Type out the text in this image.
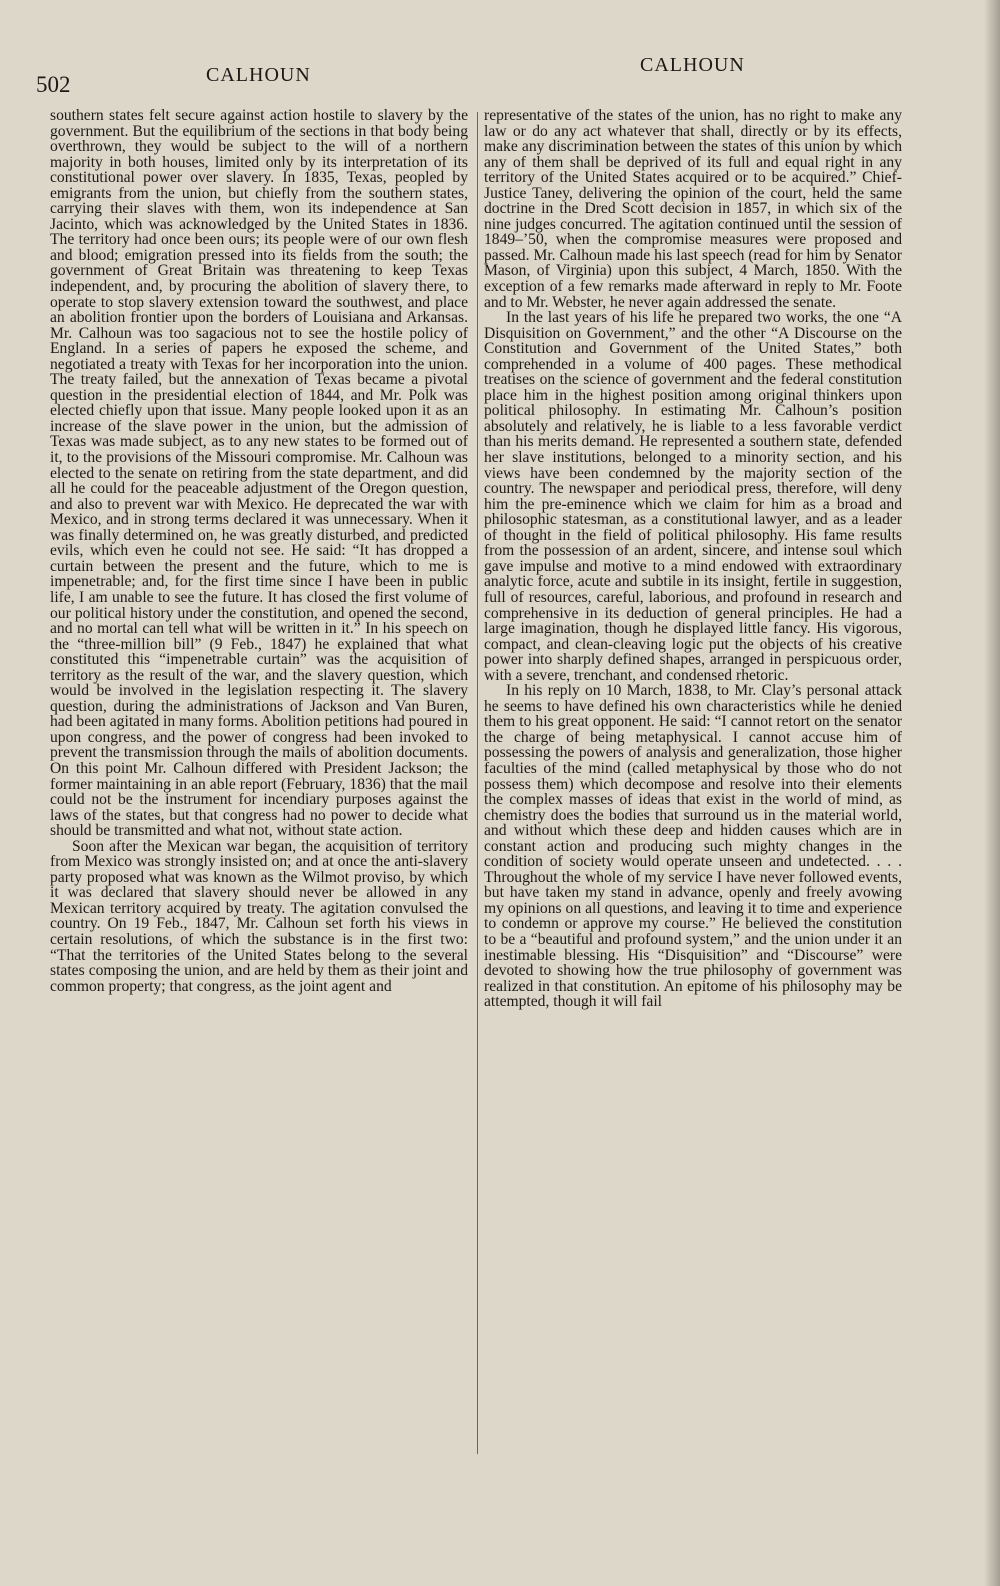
502	CALHOUN	CALHOUN

southern states felt secure against action hostile to slavery by the government. But the equilibrium of the sections in that body being overthrown, they would be subject to the will of a northern majority in both houses, limited only by its interpretation of its constitutional power over slavery. In 1835, Texas, peopled by emigrants from the union, but chiefly from the southern states, carrying their slaves with them, won its independence at San Jacinto, which was acknowledged by the United States in 1836. The territory had once been ours; its people were of our own flesh and blood; emigration pressed into its fields from the south; the government of Great Britain was threatening to keep Texas independent, and, by procuring the abolition of slavery there, to operate to stop slavery extension toward the southwest, and place an abolition frontier upon the borders of Louisiana and Arkansas. Mr. Calhoun was too sagacious not to see the hostile policy of England. In a series of papers he exposed the scheme, and negotiated a treaty with Texas for her incorporation into the union. The treaty failed, but the annexation of Texas became a pivotal question in the presidential election of 1844, and Mr. Polk was elected chiefly upon that issue. Many people looked upon it as an increase of the slave power in the union, but the admission of Texas was made subject, as to any new states to be formed out of it, to the provisions of the Missouri compromise. Mr. Calhoun was elected to the senate on retiring from the state department, and did all he could for the peaceable adjustment of the Oregon question, and also to prevent war with Mexico. He deprecated the war with Mexico, and in strong terms declared it was unnecessary. When it was finally determined on, he was greatly disturbed, and predicted evils, which even he could not see. He said: “It has dropped a curtain between the present and the future, which to me is impenetrable; and, for the first time since I have been in public life, I am unable to see the future. It has closed the first volume of our political history under the constitution, and opened the second, and no mortal can tell what will be written in it.” In his speech on the “three-million bill” (9 Feb., 1847) he explained that what constituted this “impenetrable curtain” was the acquisition of territory as the result of the war, and the slavery question, which would be involved in the legislation respecting it. The slavery question, during the administrations of Jackson and Van Buren, had been agitated in many forms. Abolition petitions had poured in upon congress, and the power of congress had been invoked to prevent the transmission through the mails of abolition documents. On this point Mr. Calhoun differed with President Jackson; the former maintaining in an able report (February, 1836) that the mail could not be the instrument for incendiary purposes against the laws of the states, but that congress had no power to decide what should be transmitted and what not, without state action.

Soon after the Mexican war began, the acquisition of territory from Mexico was strongly insisted on; and at once the anti-slavery party proposed what was known as the Wilmot proviso, by which it was declared that slavery should never be allowed in any Mexican territory acquired by treaty. The agitation convulsed the country. On 19 Feb., 1847, Mr. Calhoun set forth his views in certain resolutions, of which the substance is in the first two: “That the territories of the United States belong to the several states composing the union, and are held by them as their joint and common property; that congress, as the joint agent and

representative of the states of the union, has no right to make any law or do any act whatever that shall, directly or by its effects, make any discrimination between the states of this union by which any of them shall be deprived of its full and equal right in any territory of the United States acquired or to be acquired.” Chief-Justice Taney, delivering the opinion of the court, held the same doctrine in the Dred Scott decision in 1857, in which six of the nine judges concurred. The agitation continued until the session of 1849–’50, when the compromise measures were proposed and passed. Mr. Calhoun made his last speech (read for him by Senator Mason, of Virginia) upon this subject, 4 March, 1850. With the exception of a few remarks made afterward in reply to Mr. Foote and to Mr. Webster, he never again addressed the senate.

In the last years of his life he prepared two works, the one “A Disquisition on Government,” and the other “A Discourse on the Constitution and Government of the United States,” both comprehended in a volume of 400 pages. These methodical treatises on the science of government and the federal constitution place him in the highest position among original thinkers upon political philosophy. In estimating Mr. Calhoun’s position absolutely and relatively, he is liable to a less favorable verdict than his merits demand. He represented a southern state, defended her slave institutions, belonged to a minority section, and his views have been condemned by the majority section of the country. The newspaper and periodical press, therefore, will deny him the pre-eminence which we claim for him as a broad and philosophic statesman, as a constitutional lawyer, and as a leader of thought in the field of political philosophy. His fame results from the possession of an ardent, sincere, and intense soul which gave impulse and motive to a mind endowed with extraordinary analytic force, acute and subtile in its insight, fertile in suggestion, full of resources, careful, laborious, and profound in research and comprehensive in its deduction of general principles. He had a large imagination, though he displayed little fancy. His vigorous, compact, and clean-cleaving logic put the objects of his creative power into sharply defined shapes, arranged in perspicuous order, with a severe, trenchant, and condensed rhetoric.

In his reply on 10 March, 1838, to Mr. Clay’s personal attack he seems to have defined his own characteristics while he denied them to his great opponent. He said: “I cannot retort on the senator the charge of being metaphysical. I cannot accuse him of possessing the powers of analysis and generalization, those higher faculties of the mind (called metaphysical by those who do not possess them) which decompose and resolve into their elements the complex masses of ideas that exist in the world of mind, as chemistry does the bodies that surround us in the material world, and without which these deep and hidden causes which are in constant action and producing such mighty changes in the condition of society would operate unseen and undetected. . . . Throughout the whole of my service I have never followed events, but have taken my stand in advance, openly and freely avowing my opinions on all questions, and leaving it to time and experience to condemn or approve my course.” He believed the constitution to be a “beautiful and profound system,” and the union under it an inestimable blessing. His “Disquisition” and “Discourse” were devoted to showing how the true philosophy of government was realized in that constitution. An epitome of his philosophy may be attempted, though it will fail
